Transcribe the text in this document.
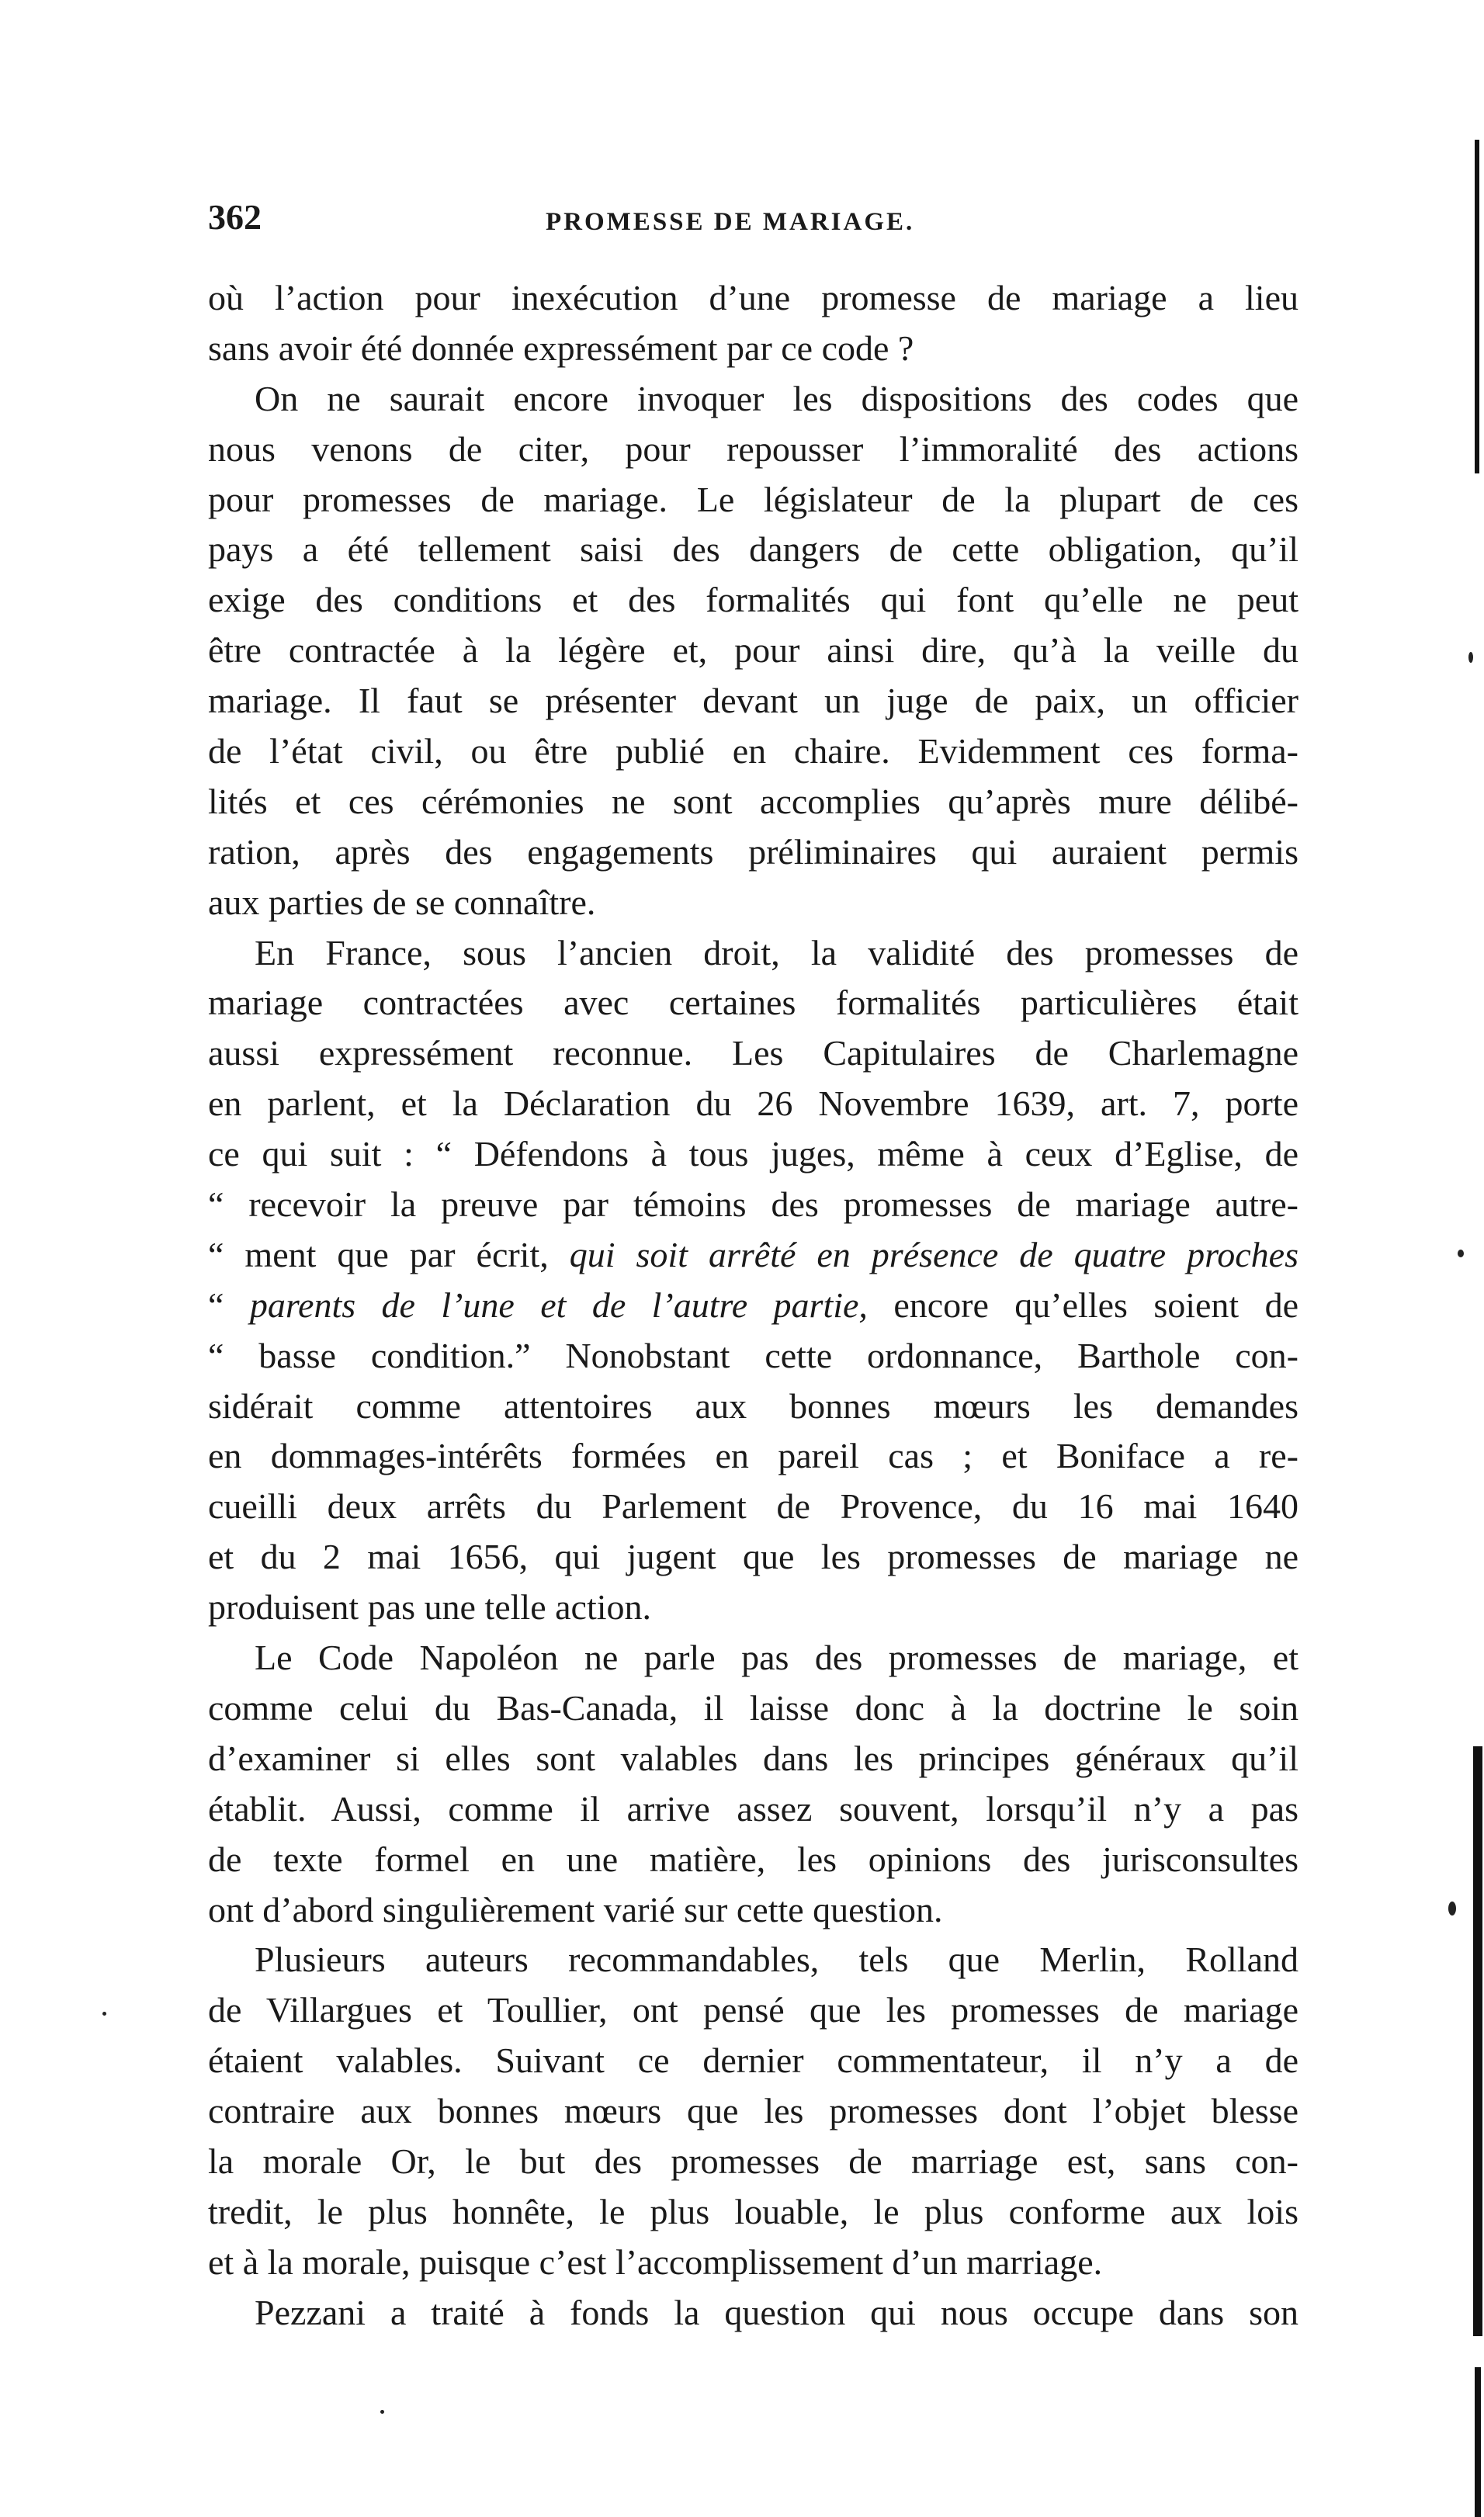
362	PROMESSE DE MARIAGE.
où l’action pour inexécution d’une promesse de mariage a lieu
sans avoir été donnée expressément par ce code ?
On ne saurait encore invoquer les dispositions des codes que
nous venons de citer, pour repousser l’immoralité des actions
pour promesses de mariage. Le législateur de la plupart de ces
pays a été tellement saisi des dangers de cette obligation, qu’il
exige des conditions et des formalités qui font qu’elle ne peut
être contractée à la légère et, pour ainsi dire, qu’à la veille du
mariage. Il faut se présenter devant un juge de paix, un officier
de l’état civil, ou être publié en chaire. Evidemment ces forma-
lités et ces cérémonies ne sont accomplies qu’après mure délibé-
ration, après des engagements préliminaires qui auraient permis
aux parties de se connaître.
En France, sous l’ancien droit, la validité des promesses de
mariage contractées avec certaines formalités particulières était
aussi expressément reconnue. Les Capitulaires de Charlemagne
en parlent, et la Déclaration du 26 Novembre 1639, art. 7, porte
ce qui suit : “ Défendons à tous juges, même à ceux d’Eglise, de
“ recevoir la preuve par témoins des promesses de mariage autre-
“ ment que par écrit, qui soit arrêté en présence de quatre proches
“ parents de l’une et de l’autre partie, encore qu’elles soient de
“ basse condition.” Nonobstant cette ordonnance, Barthole con-
sidérait comme attentoires aux bonnes mœurs les demandes
en dommages-intérêts formées en pareil cas ; et Boniface a re-
cueilli deux arrêts du Parlement de Provence, du 16 mai 1640
et du 2 mai 1656, qui jugent que les promesses de mariage ne
produisent pas une telle action.
Le Code Napoléon ne parle pas des promesses de mariage, et
comme celui du Bas-Canada, il laisse donc à la doctrine le soin
d’examiner si elles sont valables dans les principes généraux qu’il
établit. Aussi, comme il arrive assez souvent, lorsqu’il n’y a pas
de texte formel en une matière, les opinions des jurisconsultes
ont d’abord singulièrement varié sur cette question.
Plusieurs auteurs recommandables, tels que Merlin, Rolland
de Villargues et Toullier, ont pensé que les promesses de mariage
étaient valables. Suivant ce dernier commentateur, il n’y a de
contraire aux bonnes mœurs que les promesses dont l’objet blesse
la morale Or, le but des promesses de marriage est, sans con-
tredit, le plus honnête, le plus louable, le plus conforme aux lois
et à la morale, puisque c’est l’accomplissement d’un marriage.
Pezzani a traité à fonds la question qui nous occupe dans son
